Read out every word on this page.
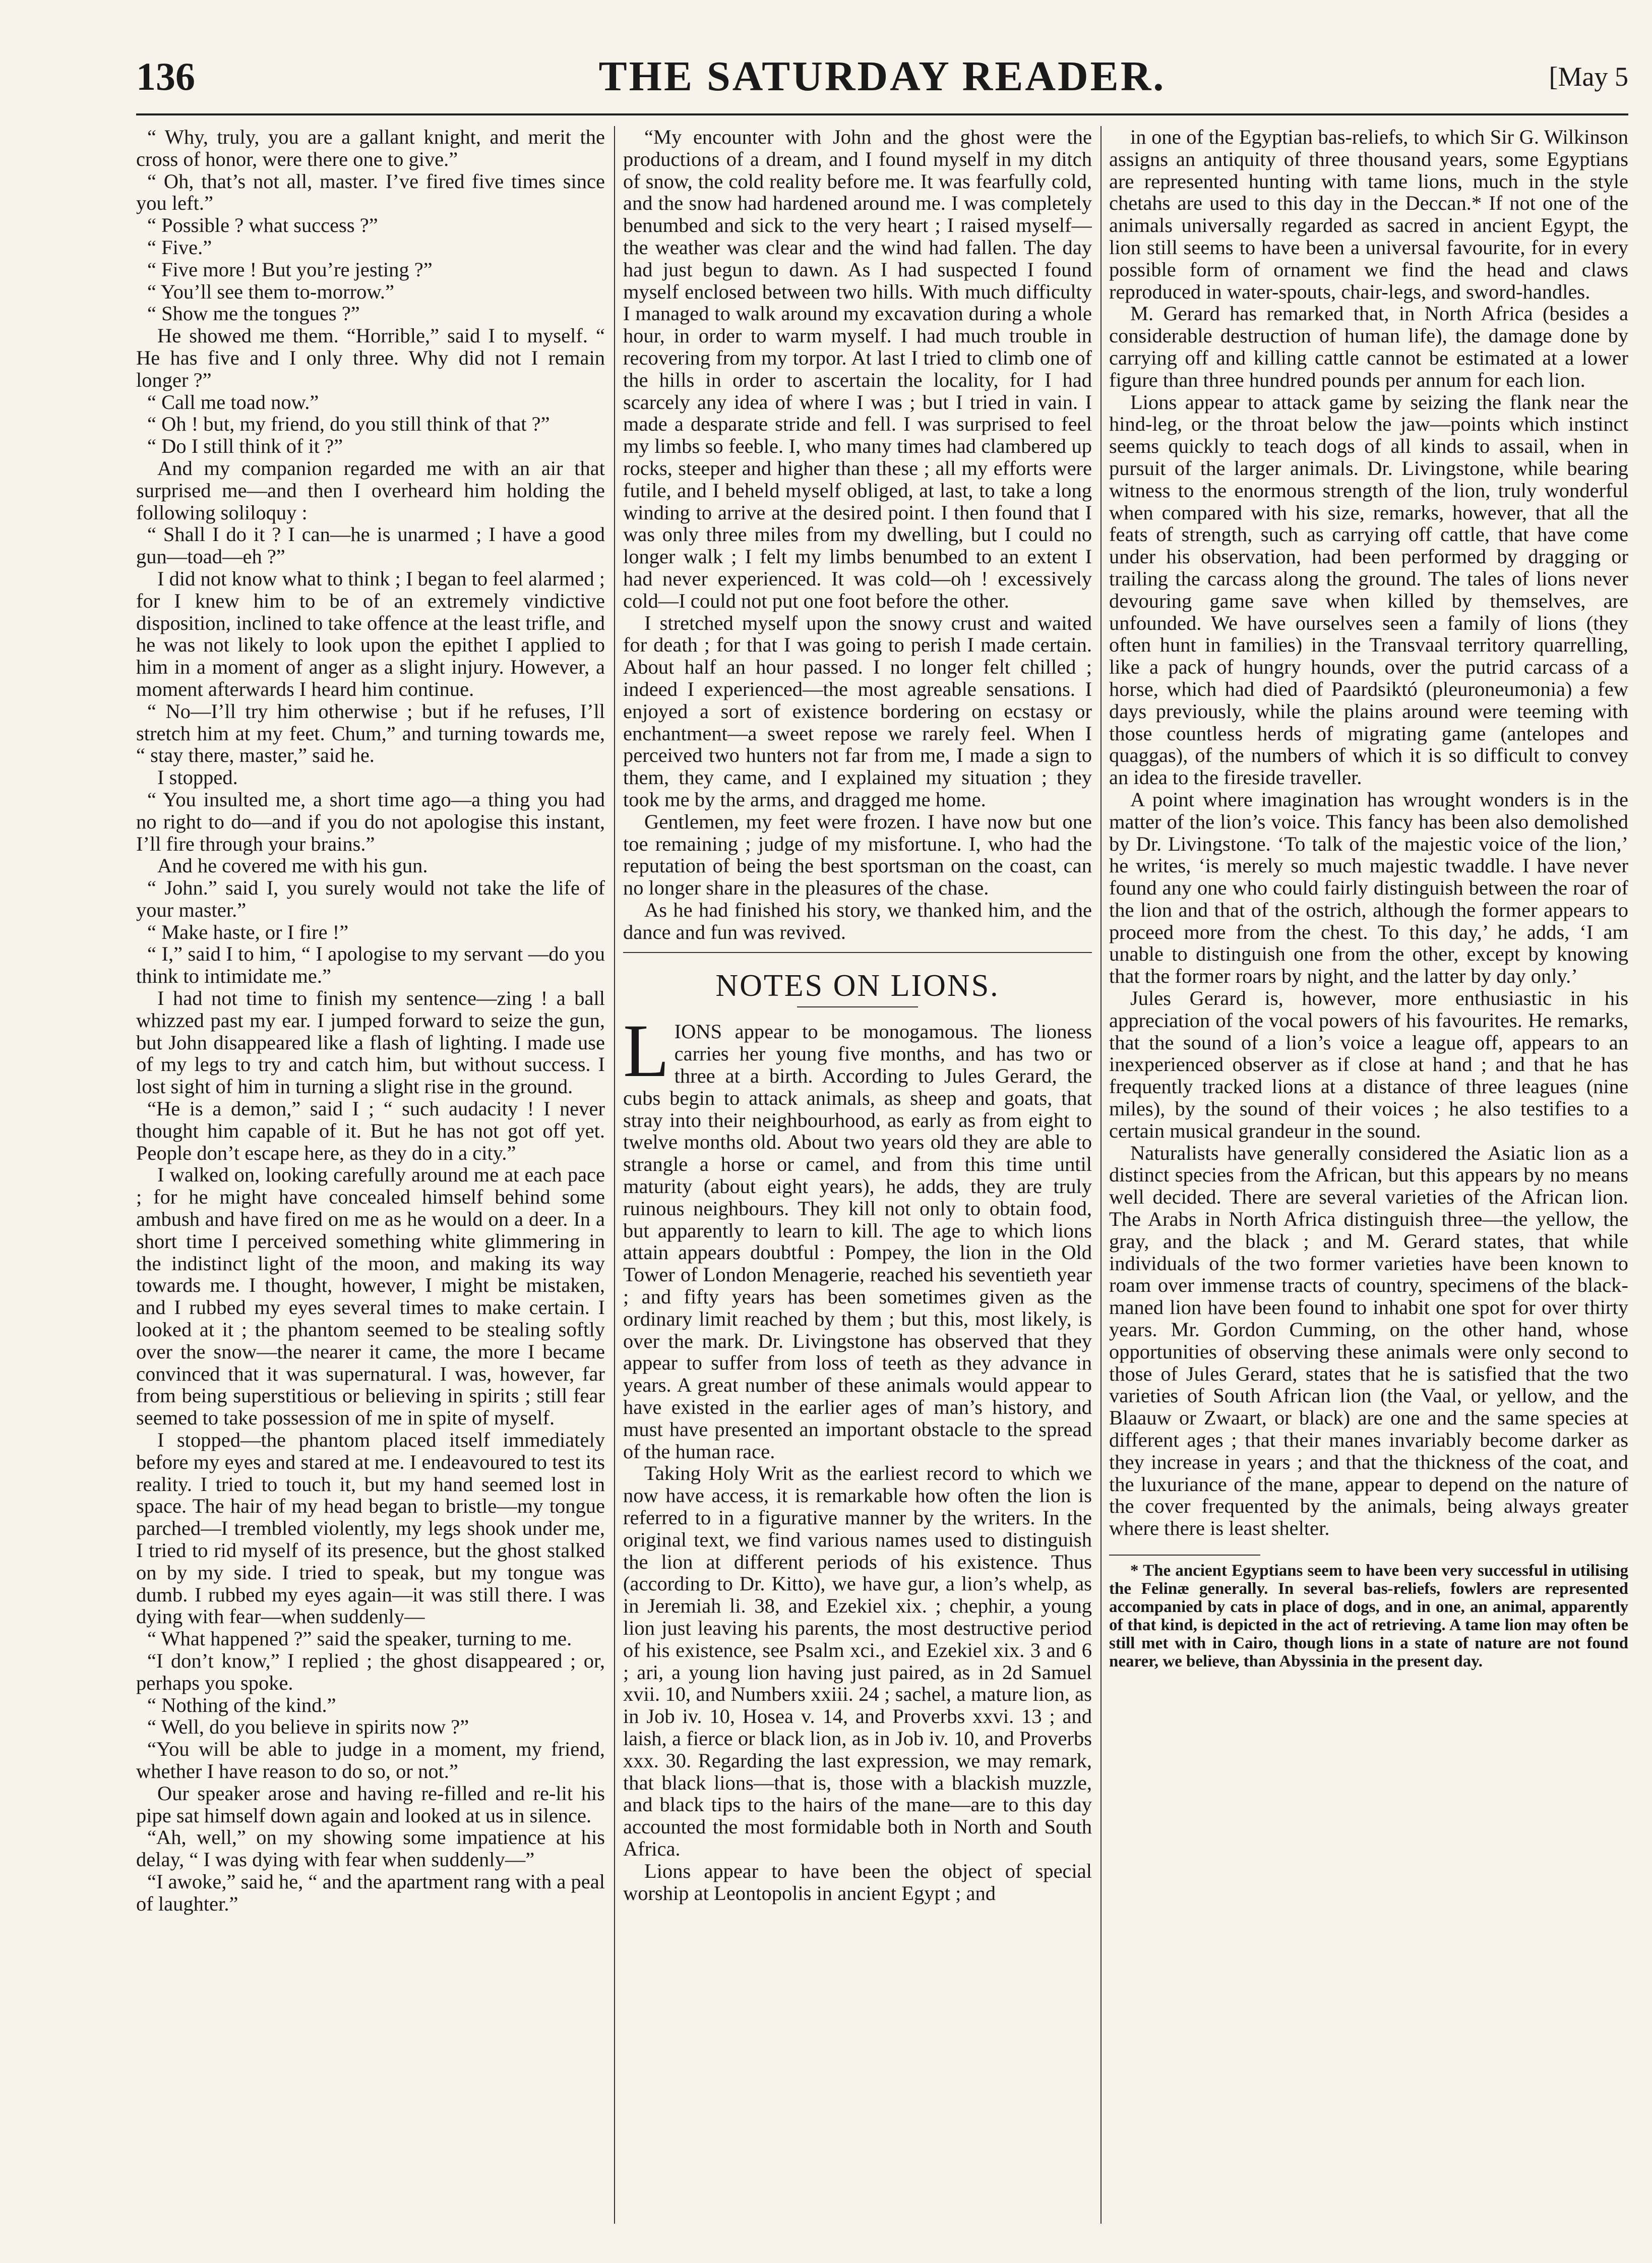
136	THE SATURDAY READER.	[May 5

“ Why, truly, you are a gallant knight, and merit the cross of honor, were there one to give.”

“ Oh, that’s not all, master. I’ve fired five times since you left.”

“ Possible ? what success ?”

“ Five.”

“ Five more ! But you’re jesting ?”

“ You’ll see them to-morrow.”

“ Show me the tongues ?”

He showed me them. “Horrible,” said I to myself. “ He has five and I only three. Why did not I remain longer ?”

“ Call me toad now.”

“ Oh ! but, my friend, do you still think of that ?”

“ Do I still think of it ?”

And my companion regarded me with an air that surprised me—and then I overheard him holding the following soliloquy :

“ Shall I do it ? I can—he is unarmed ; I have a good gun—toad—eh ?”

I did not know what to think ; I began to feel alarmed ; for I knew him to be of an extremely vindictive disposition, inclined to take offence at the least trifle, and he was not likely to look upon the epithet I applied to him in a moment of anger as a slight injury. However, a moment afterwards I heard him continue.

“ No—I’ll try him otherwise ; but if he refuses, I’ll stretch him at my feet. Chum,” and turning towards me, “ stay there, master,” said he.

I stopped.

“ You insulted me, a short time ago—a thing you had no right to do—and if you do not apologise this instant, I’ll fire through your brains.”

And he covered me with his gun.

“ John.” said I, you surely would not take the life of your master.”

“ Make haste, or I fire !”

“ I,” said I to him, “ I apologise to my servant —do you think to intimidate me.”

I had not time to finish my sentence—zing ! a ball whizzed past my ear. I jumped forward to seize the gun, but John disappeared like a flash of lighting. I made use of my legs to try and catch him, but without success. I lost sight of him in turning a slight rise in the ground.

“He is a demon,” said I ; “ such audacity ! I never thought him capable of it. But he has not got off yet. People don’t escape here, as they do in a city.”

I walked on, looking carefully around me at each pace ; for he might have concealed himself behind some ambush and have fired on me as he would on a deer. In a short time I perceived something white glimmering in the indistinct light of the moon, and making its way towards me. I thought, however, I might be mistaken, and I rubbed my eyes several times to make certain. I looked at it ; the phantom seemed to be stealing softly over the snow—the nearer it came, the more I became convinced that it was supernatural. I was, however, far from being superstitious or believing in spirits ; still fear seemed to take possession of me in spite of myself.

I stopped—the phantom placed itself immediately before my eyes and stared at me. I endeavoured to test its reality. I tried to touch it, but my hand seemed lost in space. The hair of my head began to bristle—my tongue parched—I trembled violently, my legs shook under me, I tried to rid myself of its presence, but the ghost stalked on by my side. I tried to speak, but my tongue was dumb. I rubbed my eyes again—it was still there. I was dying with fear—when suddenly—

“ What happened ?” said the speaker, turning to me.

“I don’t know,” I replied ; the ghost disappeared ; or, perhaps you spoke.

“ Nothing of the kind.”

“ Well, do you believe in spirits now ?”

“You will be able to judge in a moment, my friend, whether I have reason to do so, or not.”

Our speaker arose and having re-filled and re-lit his pipe sat himself down again and looked at us in silence.

“Ah, well,” on my showing some impatience at his delay, “ I was dying with fear when suddenly—”

“I awoke,” said he, “ and the apartment rang with a peal of laughter.”

“My encounter with John and the ghost were the productions of a dream, and I found myself in my ditch of snow, the cold reality before me. It was fearfully cold, and the snow had hardened around me. I was completely benumbed and sick to the very heart ; I raised myself—the weather was clear and the wind had fallen. The day had just begun to dawn. As I had suspected I found myself enclosed between two hills. With much difficulty I managed to walk around my excavation during a whole hour, in order to warm myself. I had much trouble in recovering from my torpor. At last I tried to climb one of the hills in order to ascertain the locality, for I had scarcely any idea of where I was ; but I tried in vain. I made a desparate stride and fell. I was surprised to feel my limbs so feeble. I, who many times had clambered up rocks, steeper and higher than these ; all my efforts were futile, and I beheld myself obliged, at last, to take a long winding to arrive at the desired point. I then found that I was only three miles from my dwelling, but I could no longer walk ; I felt my limbs benumbed to an extent I had never experienced. It was cold—oh ! excessively cold—I could not put one foot before the other.

I stretched myself upon the snowy crust and waited for death ; for that I was going to perish I made certain. About half an hour passed. I no longer felt chilled ; indeed I experienced—the most agreable sensations. I enjoyed a sort of existence bordering on ecstasy or enchantment—a sweet repose we rarely feel. When I perceived two hunters not far from me, I made a sign to them, they came, and I explained my situation ; they took me by the arms, and dragged me home.

Gentlemen, my feet were frozen. I have now but one toe remaining ; judge of my misfortune. I, who had the reputation of being the best sportsman on the coast, can no longer share in the pleasures of the chase.

As he had finished his story, we thanked him, and the dance and fun was revived.

NOTES ON LIONS.

LIONS appear to be monogamous. The lioness carries her young five months, and has two or three at a birth. According to Jules Gerard, the cubs begin to attack animals, as sheep and goats, that stray into their neighbourhood, as early as from eight to twelve months old. About two years old they are able to strangle a horse or camel, and from this time until maturity (about eight years), he adds, they are truly ruinous neighbours. They kill not only to obtain food, but apparently to learn to kill. The age to which lions attain appears doubtful : Pompey, the lion in the Old Tower of London Menagerie, reached his seventieth year ; and fifty years has been sometimes given as the ordinary limit reached by them ; but this, most likely, is over the mark. Dr. Livingstone has observed that they appear to suffer from loss of teeth as they advance in years. A great number of these animals would appear to have existed in the earlier ages of man’s history, and must have presented an important obstacle to the spread of the human race.

Taking Holy Writ as the earliest record to which we now have access, it is remarkable how often the lion is referred to in a figurative manner by the writers. In the original text, we find various names used to distinguish the lion at different periods of his existence. Thus (according to Dr. Kitto), we have gur, a lion’s whelp, as in Jeremiah li. 38, and Ezekiel xix. ; chephir, a young lion just leaving his parents, the most destructive period of his existence, see Psalm xci., and Ezekiel xix. 3 and 6 ; ari, a young lion having just paired, as in 2d Samuel xvii. 10, and Numbers xxiii. 24 ; sachel, a mature lion, as in Job iv. 10, Hosea v. 14, and Proverbs xxvi. 13 ; and laish, a fierce or black lion, as in Job iv. 10, and Proverbs xxx. 30. Regarding the last expression, we may remark, that black lions—that is, those with a blackish muzzle, and black tips to the hairs of the mane—are to this day accounted the most formidable both in North and South Africa.

Lions appear to have been the object of special worship at Leontopolis in ancient Egypt ; and

in one of the Egyptian bas-reliefs, to which Sir G. Wilkinson assigns an antiquity of three thousand years, some Egyptians are represented hunting with tame lions, much in the style chetahs are used to this day in the Deccan.* If not one of the animals universally regarded as sacred in ancient Egypt, the lion still seems to have been a universal favourite, for in every possible form of ornament we find the head and claws reproduced in water-spouts, chair-legs, and sword-handles.

M. Gerard has remarked that, in North Africa (besides a considerable destruction of human life), the damage done by carrying off and killing cattle cannot be estimated at a lower figure than three hundred pounds per annum for each lion.

Lions appear to attack game by seizing the flank near the hind-leg, or the throat below the jaw—points which instinct seems quickly to teach dogs of all kinds to assail, when in pursuit of the larger animals. Dr. Livingstone, while bearing witness to the enormous strength of the lion, truly wonderful when compared with his size, remarks, however, that all the feats of strength, such as carrying off cattle, that have come under his observation, had been performed by dragging or trailing the carcass along the ground. The tales of lions never devouring game save when killed by themselves, are unfounded. We have ourselves seen a family of lions (they often hunt in families) in the Transvaal territory quarrelling, like a pack of hungry hounds, over the putrid carcass of a horse, which had died of Paardsiktó (pleuroneumonia) a few days previously, while the plains around were teeming with those countless herds of migrating game (antelopes and quaggas), of the numbers of which it is so difficult to convey an idea to the fireside traveller.

A point where imagination has wrought wonders is in the matter of the lion’s voice. This fancy has been also demolished by Dr. Livingstone. ‘To talk of the majestic voice of the lion,’ he writes, ‘is merely so much majestic twaddle. I have never found any one who could fairly distinguish between the roar of the lion and that of the ostrich, although the former appears to proceed more from the chest. To this day,’ he adds, ‘I am unable to distinguish one from the other, except by knowing that the former roars by night, and the latter by day only.’

Jules Gerard is, however, more enthusiastic in his appreciation of the vocal powers of his favourites. He remarks, that the sound of a lion’s voice a league off, appears to an inexperienced observer as if close at hand ; and that he has frequently tracked lions at a distance of three leagues (nine miles), by the sound of their voices ; he also testifies to a certain musical grandeur in the sound.

Naturalists have generally considered the Asiatic lion as a distinct species from the African, but this appears by no means well decided. There are several varieties of the African lion. The Arabs in North Africa distinguish three—the yellow, the gray, and the black ; and M. Gerard states, that while individuals of the two former varieties have been known to roam over immense tracts of country, specimens of the black-maned lion have been found to inhabit one spot for over thirty years. Mr. Gordon Cumming, on the other hand, whose opportunities of observing these animals were only second to those of Jules Gerard, states that he is satisfied that the two varieties of South African lion (the Vaal, or yellow, and the Blaauw or Zwaart, or black) are one and the same species at different ages ; that their manes invariably become darker as they increase in years ; and that the thickness of the coat, and the luxuriance of the mane, appear to depend on the nature of the cover frequented by the animals, being always greater where there is least shelter.

* The ancient Egyptians seem to have been very successful in utilising the Felinæ generally. In several bas-reliefs, fowlers are represented accompanied by cats in place of dogs, and in one, an animal, apparently of that kind, is depicted in the act of retrieving. A tame lion may often be still met with in Cairo, though lions in a state of nature are not found nearer, we believe, than Abyssinia in the present day.
